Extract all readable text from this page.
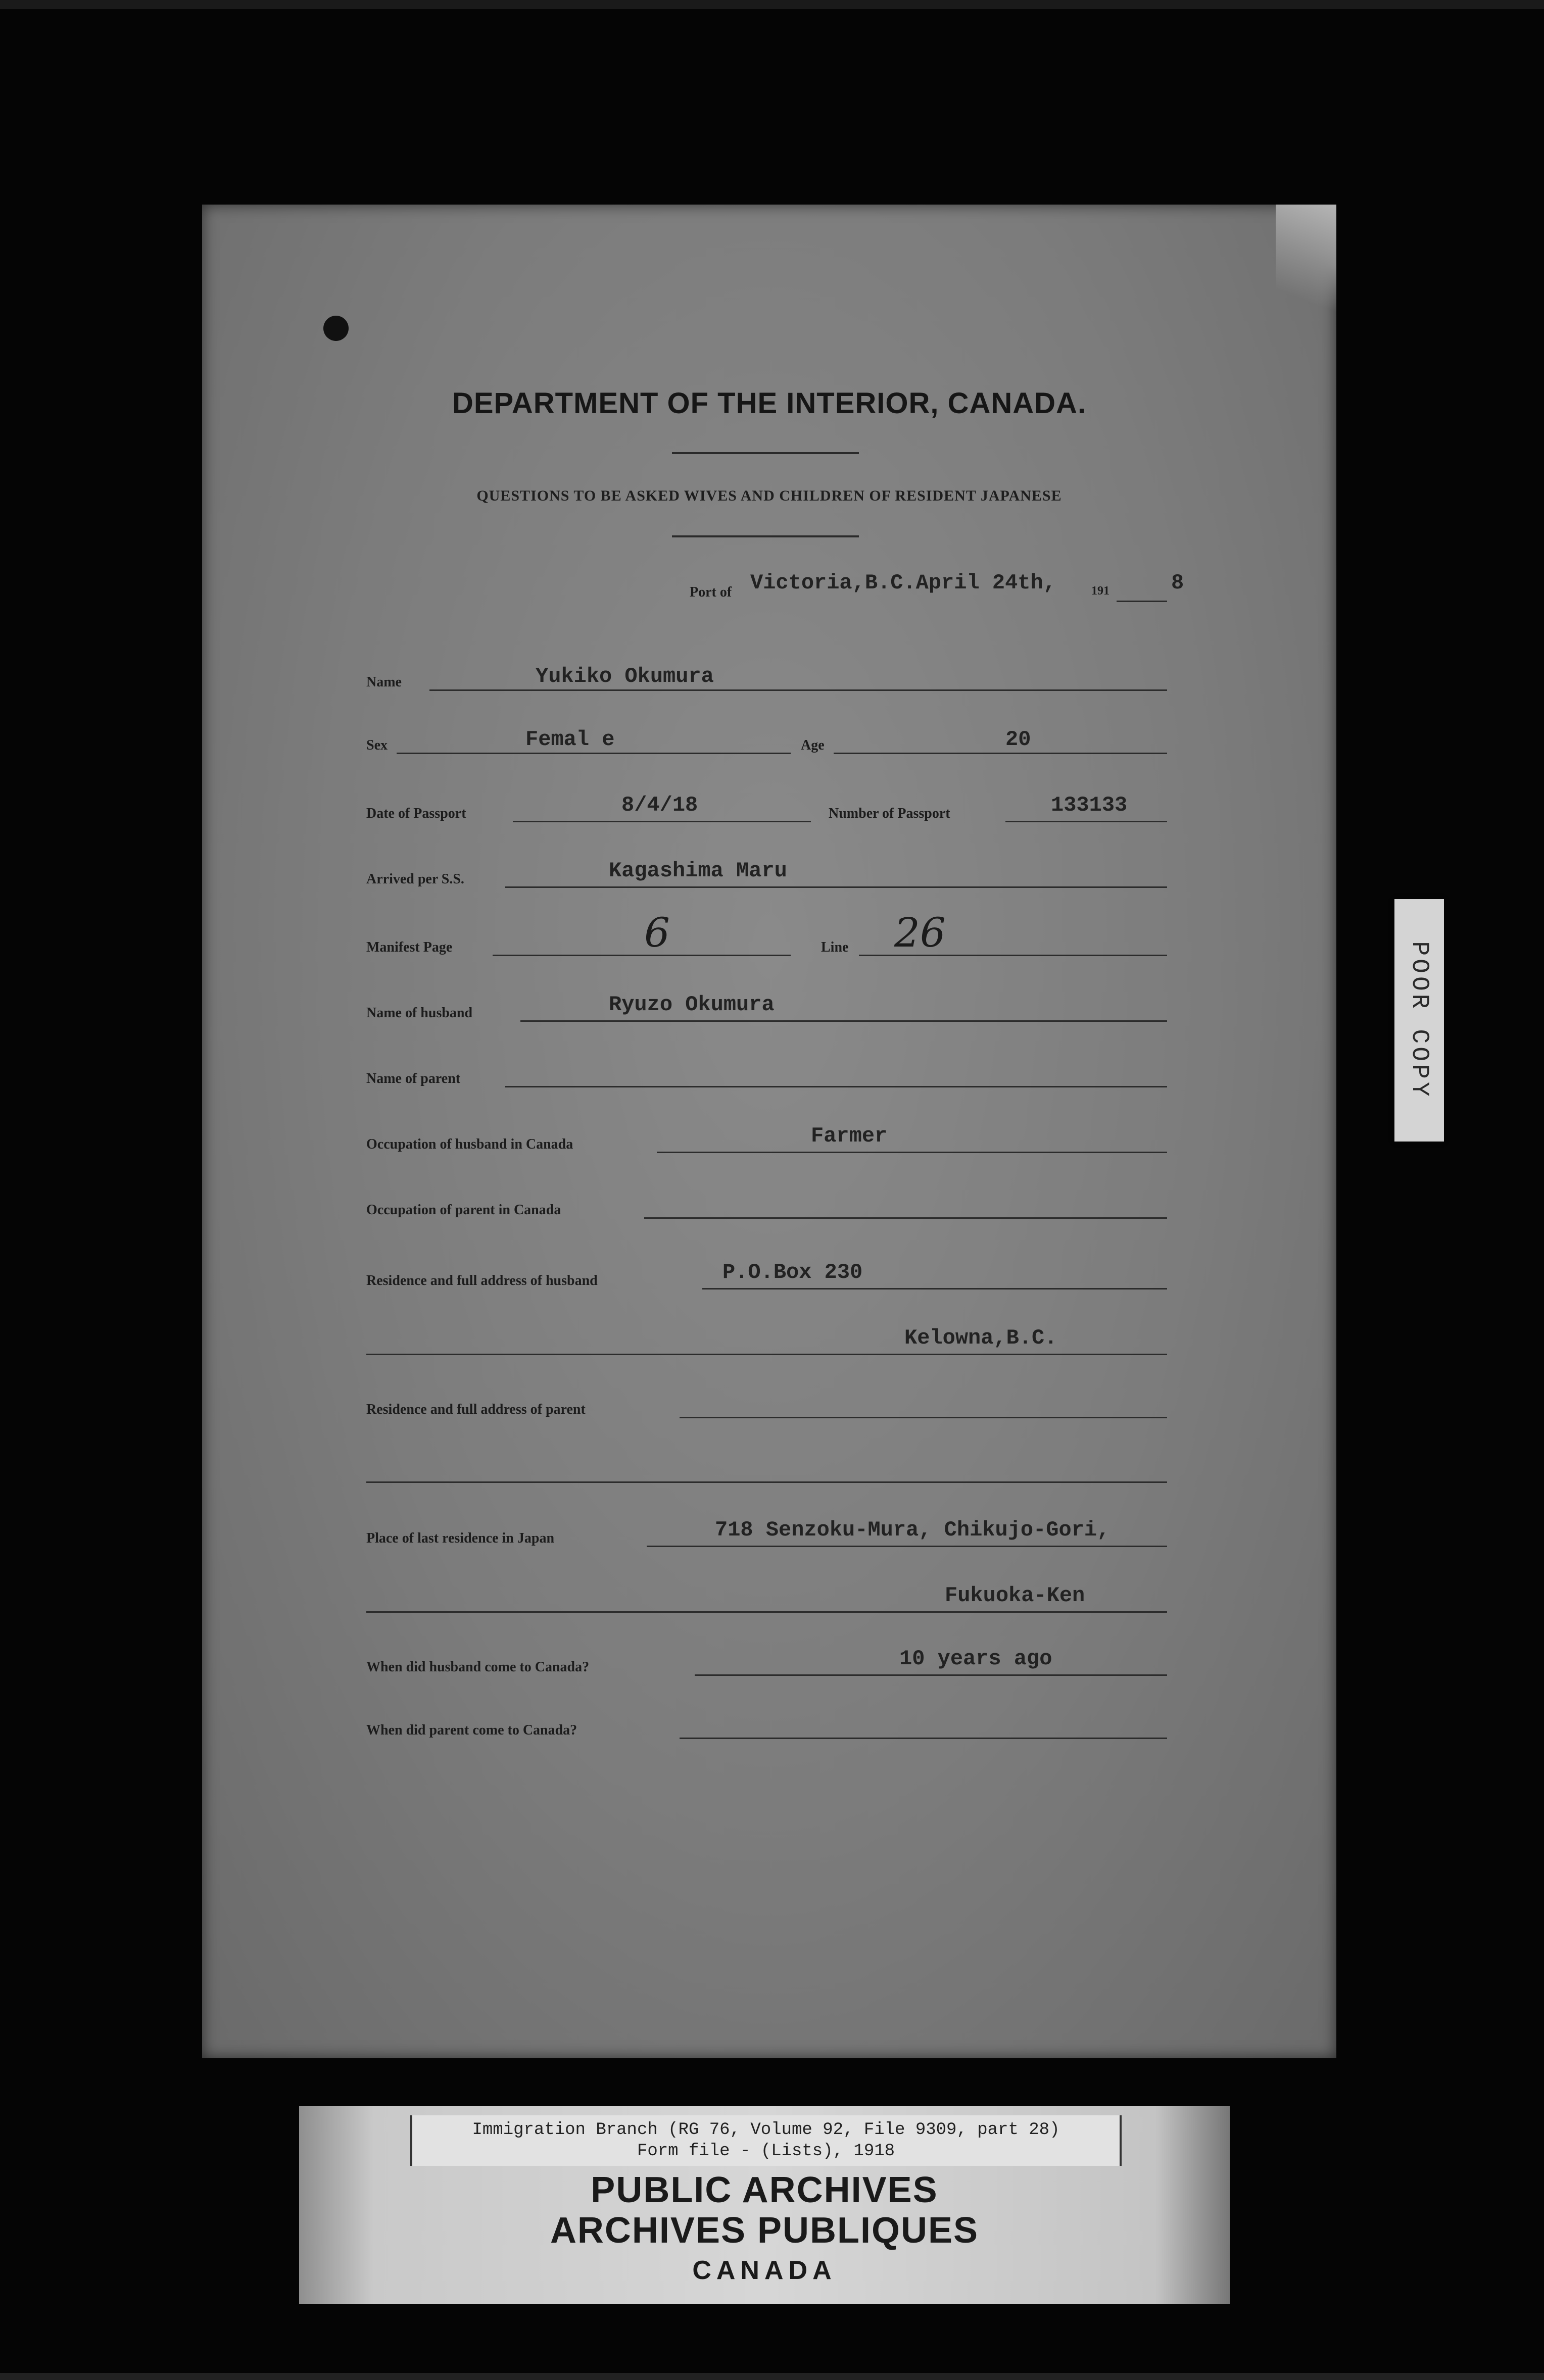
DEPARTMENT OF THE INTERIOR, CANADA.
QUESTIONS TO BE ASKED WIVES AND CHILDREN OF RESIDENT JAPANESE
Port of Victoria,B.C.April 24th,	191	8
Name	Yukiko Okumura
Sex	Femal e	Age	20
Date of Passport	8/4/18	Number of Passport	133133
Arrived per S.S.	Kagashima Maru
Manifest Page	6	Line 26
Name of husband	Ryuzo Okumura
Name of parent
Occupation of husband in Canada	Farmer
Occupation of parent in Canada
Residence and full address of husband	P.O.Box 230
Kelowna,B.C.
Residence and full address of parent
Place of last residence in Japan	718 Senzoku-Mura, Chikujo-Gori,
Fukuoka-Ken
When did husband come to Canada?	10 years ago
When did parent come to Canada?
POOR COPY
Immigration Branch (RG 76, Volume 92, File 9309, part 28)
Form file - (Lists), 1918
PUBLIC ARCHIVES
ARCHIVES PUBLIQUES
CANADA
